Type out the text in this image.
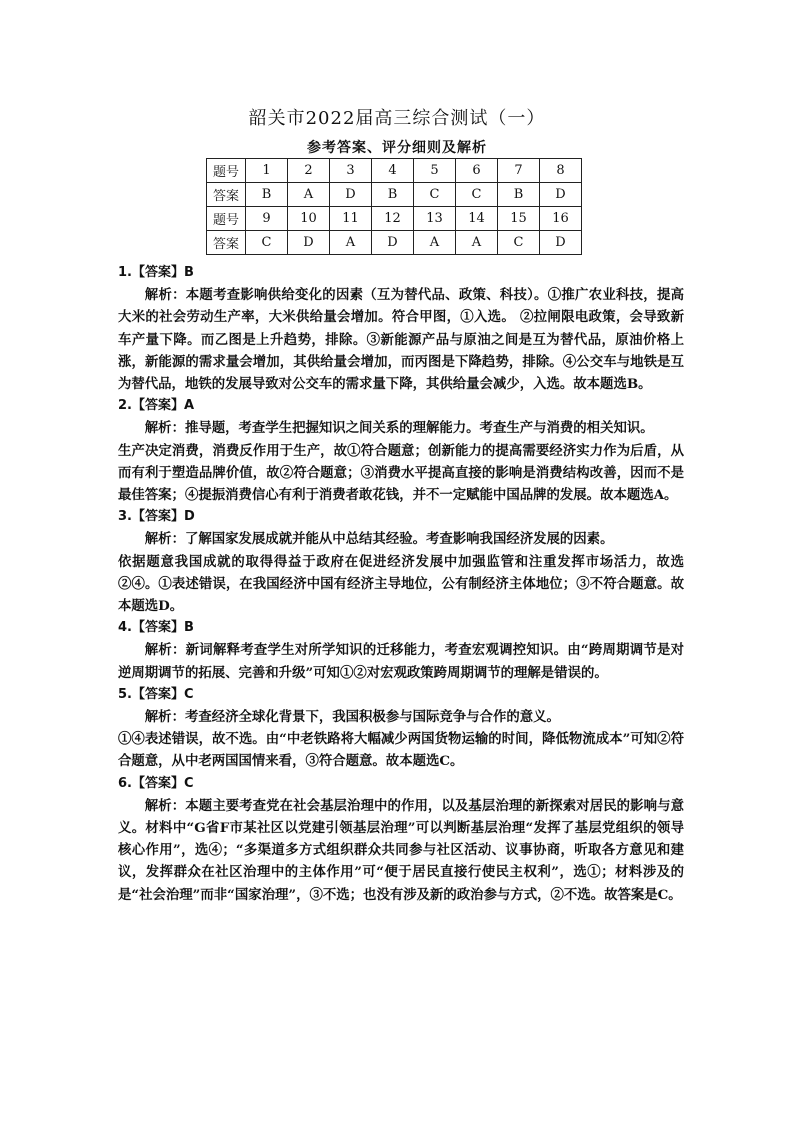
韶关市2022届高三综合测试（一）
参考答案、评分细则及解析
题号	1	2	3	4	5	6	7	8
答案	B	A	D	B	C	C	B	D
题号	9	10	11	12	13	14	15	16
答案	C	D	A	D	A	A	C	D
1.【答案】B

解析：本题考查影响供给变化的因素（互为替代品、政策、科技）。①推广农业科技，提高大米的社会劳动生产率，大米供给量会增加。符合甲图，①入选。 ②拉闸限电政策，会导致新车产量下降。而乙图是上升趋势，排除。③新能源产品与原油之间是互为替代品，原油价格上涨，新能源的需求量会增加，其供给量会增加，而丙图是下降趋势，排除。④公交车与地铁是互为替代品，地铁的发展导致对公交车的需求量下降，其供给量会减少，入选。故本题选B。

2.【答案】A

解析：推导题，考查学生把握知识之间关系的理解能力。考查生产与消费的相关知识。

生产决定消费，消费反作用于生产，故①符合题意；创新能力的提高需要经济实力作为后盾，从而有利于塑造品牌价值，故②符合题意；③消费水平提高直接的影响是消费结构改善，因而不是最佳答案；④提振消费信心有利于消费者敢花钱，并不一定赋能中国品牌的发展。故本题选A。

3.【答案】D

解析：了解国家发展成就并能从中总结其经验。考查影响我国经济发展的因素。

依据题意我国成就的取得得益于政府在促进经济发展中加强监管和注重发挥市场活力，故选②④。①表述错误，在我国经济中国有经济主导地位，公有制经济主体地位；③不符合题意。故本题选D。

4.【答案】B

解析：新词解释考查学生对所学知识的迁移能力，考查宏观调控知识。由“跨周期调节是对逆周期调节的拓展、完善和升级”可知①②对宏观政策跨周期调节的理解是错误的。

5.【答案】C

解析：考查经济全球化背景下，我国积极参与国际竞争与合作的意义。

①④表述错误，故不选。由“中老铁路将大幅减少两国货物运输的时间，降低物流成本”可知②符合题意，从中老两国国情来看，③符合题意。故本题选C。

6.【答案】C

解析：本题主要考查党在社会基层治理中的作用，以及基层治理的新探索对居民的影响与意义。材料中“G省F市某社区以党建引领基层治理”可以判断基层治理“发挥了基层党组织的领导核心作用”，选④；“多渠道多方式组织群众共同参与社区活动、议事协商，听取各方意见和建议，发挥群众在社区治理中的主体作用”可“便于居民直接行使民主权利”，选①；材料涉及的是“社会治理”而非“国家治理”，③不选；也没有涉及新的政治参与方式，②不选。故答案是C。
